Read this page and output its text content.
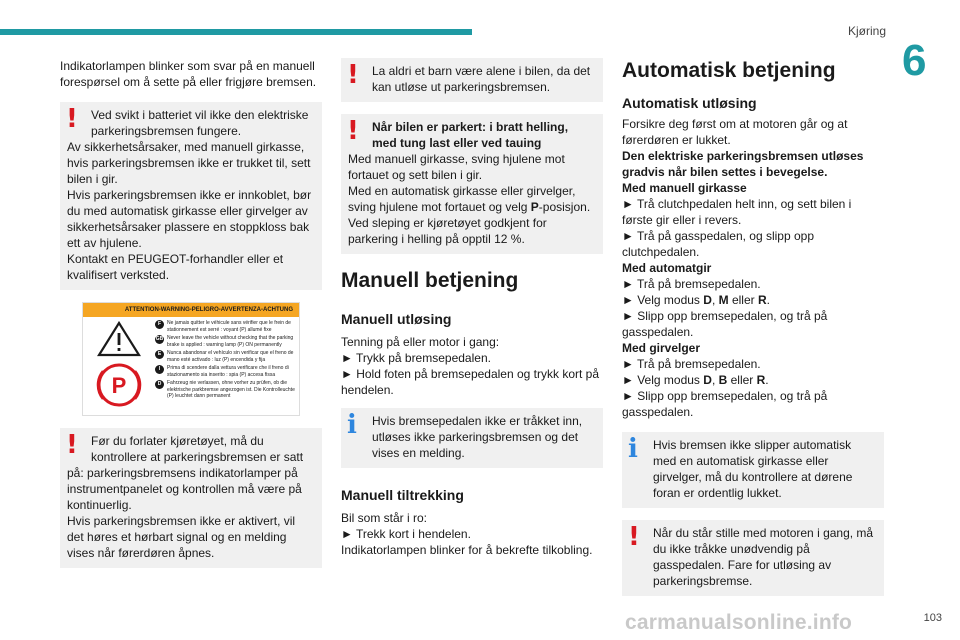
Kjøring
6

Indikatorlampen blinker som svar på en manuell forespørsel om å sette på eller frigjøre bremsen.

!	Ved svikt i batteriet vil ikke den elektriske parkeringsbremsen fungere.

Av sikkerhetsårsaker, med manuell girkasse, hvis parkeringsbremsen ikke er trukket til, sett bilen i gir.

Hvis parkeringsbremsen ikke er innkoblet, bør du med automatisk girkasse eller girvelger av sikkerhetsårsaker plassere en stoppkloss bak ett av hjulene.

Kontakt en PEUGEOT-forhandler eller et kvalifisert verksted.

ATTENTION-WARNING-PELIGRO-AVVERTENZA-ACHTUNG
P
F	Ne jamais quitter le véhicule sans vérifier que le frein de stationnement est serré : voyant (P) allumé fixe
GB Never leave the vehicle without checking that the parking brake is applied : warning lamp (P) ON permanently
E	Nunca abandonar el vehículo sin verificar que el freno de mano esté activado : luz (P) encendida y fija
I	Prima di scendere dalla vettura verificare che il freno di stazionamento sia inserito : spia (P) accesa fissa
D	Fahrzeug nie verlassen, ohne vorher zu prüfen, ob die elektrische parkbremse angezogen ist. Die Kontrolleuchte (P) leuchtet dann permanent
!	Før du forlater kjøretøyet, må du kontrollere at parkeringsbremsen er satt

på: parkeringsbremsens indikatorlamper på instrumentpanelet og kontrollen må være på kontinuerlig.

Hvis parkeringsbremsen ikke er aktivert, vil det høres et hørbart signal og en melding vises når førerdøren åpnes.

!	La aldri et barn være alene i bilen, da det kan utløse ut parkeringsbremsen.

!	Når bilen er parkert: i bratt helling, med tung last eller ved tauing

Med manuell girkasse, sving hjulene mot fortauet og sett bilen i gir.

Med en automatisk girkasse eller girvelger, sving hjulene mot fortauet og velg P-posisjon.

Ved sleping er kjøretøyet godkjent for parkering i helling på opptil 12 %.

Manuell betjening
Manuell utløsing

Tenning på eller motor i gang:

► Trykk på bremsepedalen.

► Hold foten på bremsepedalen og trykk kort på hendelen.

i	Hvis bremsepedalen ikke er tråkket inn, utløses ikke parkeringsbremsen og det vises en melding.

Manuell tiltrekking

Bil som står i ro:

► Trekk kort i hendelen.

Indikatorlampen blinker for å bekrefte tilkobling.

Automatisk betjening
Automatisk utløsing

Forsikre deg først om at motoren går og at førerdøren er lukket.

Den elektriske parkeringsbremsen utløses gradvis når bilen settes i bevegelse.

Med manuell girkasse

► Trå clutchpedalen helt inn, og sett bilen i første gir eller i revers.

► Trå på gasspedalen, og slipp opp clutchpedalen.

Med automatgir

► Trå på bremsepedalen.

► Velg modus D, M eller R.

► Slipp opp bremsepedalen, og trå på gasspedalen.

Med girvelger

► Trå på bremsepedalen.

► Velg modus D, B eller R.

► Slipp opp bremsepedalen, og trå på gasspedalen.

i	Hvis bremsen ikke slipper automatisk med en automatisk girkasse eller girvelger, må du kontrollere at dørene foran er ordentlig lukket.

!	Når du står stille med motoren i gang, må du ikke tråkke unødvendig på gasspedalen. Fare for utløsing av parkeringsbremse.

carmanualsonline.info	103
